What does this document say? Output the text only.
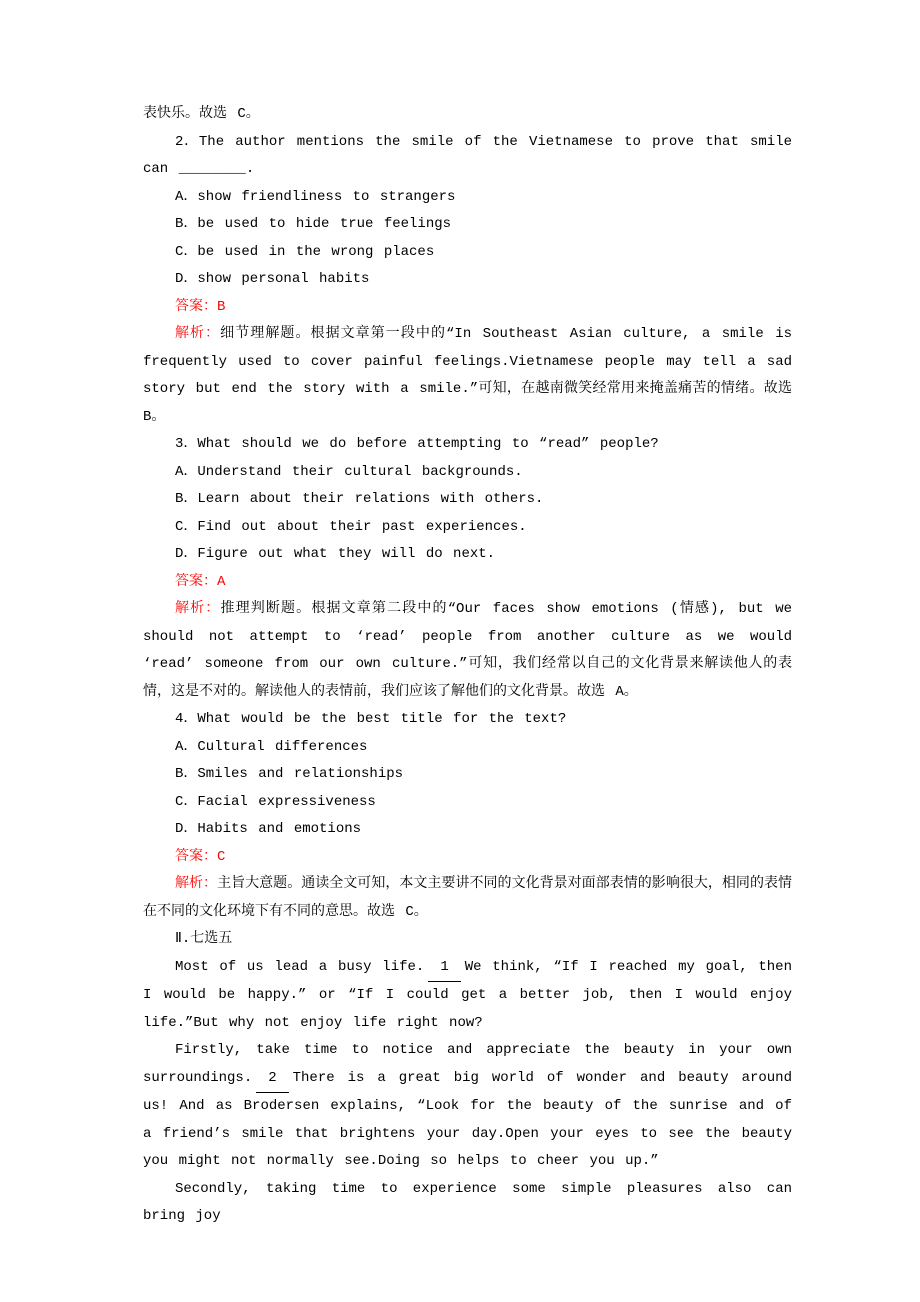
表快乐。故选 C。

2．The author mentions the smile of the Vietnamese to prove that smile can ________.

A．show friendliness to strangers

B．be used to hide true feelings

C．be used in the wrong places

D．show personal habits

答案：B

解析：细节理解题。根据文章第一段中的“In Southeast Asian culture, a smile is frequently used to cover painful feelings.Vietnamese people may tell a sad story but end the story with a smile.”可知，在越南微笑经常用来掩盖痛苦的情绪。故选 B。

3．What should we do before attempting to “read” people?

A．Understand their cultural backgrounds.

B．Learn about their relations with others.

C．Find out about their past experiences.

D．Figure out what they will do next.

答案：A

解析：推理判断题。根据文章第二段中的“Our faces show emotions (情感), but we should not attempt to ‘read’ people from another culture as we would ‘read’ someone from our own culture.”可知，我们经常以自己的文化背景来解读他人的表情，这是不对的。解读他人的表情前，我们应该了解他们的文化背景。故选 A。

4．What would be the best title for the text?

A．Cultural differences

B．Smiles and relationships

C．Facial expressiveness

D．Habits and emotions

答案：C

解析：主旨大意题。通读全文可知，本文主要讲不同的文化背景对面部表情的影响很大，相同的表情在不同的文化环境下有不同的意思。故选 C。

Ⅱ.七选五

Most of us lead a busy life. 1 We think, “If I reached my goal, then I would be happy.” or “If I could get a better job, then I would enjoy life.”But why not enjoy life right now?

Firstly, take time to notice and appreciate the beauty in your own surroundings. 2 There is a great big world of wonder and beauty around us! And as Brodersen explains, “Look for the beauty of the sunrise and of a friend’s smile that brightens your day.Open your eyes to see the beauty you might not normally see.Doing so helps to cheer you up.”

Secondly, taking time to experience some simple pleasures also can bring joy
